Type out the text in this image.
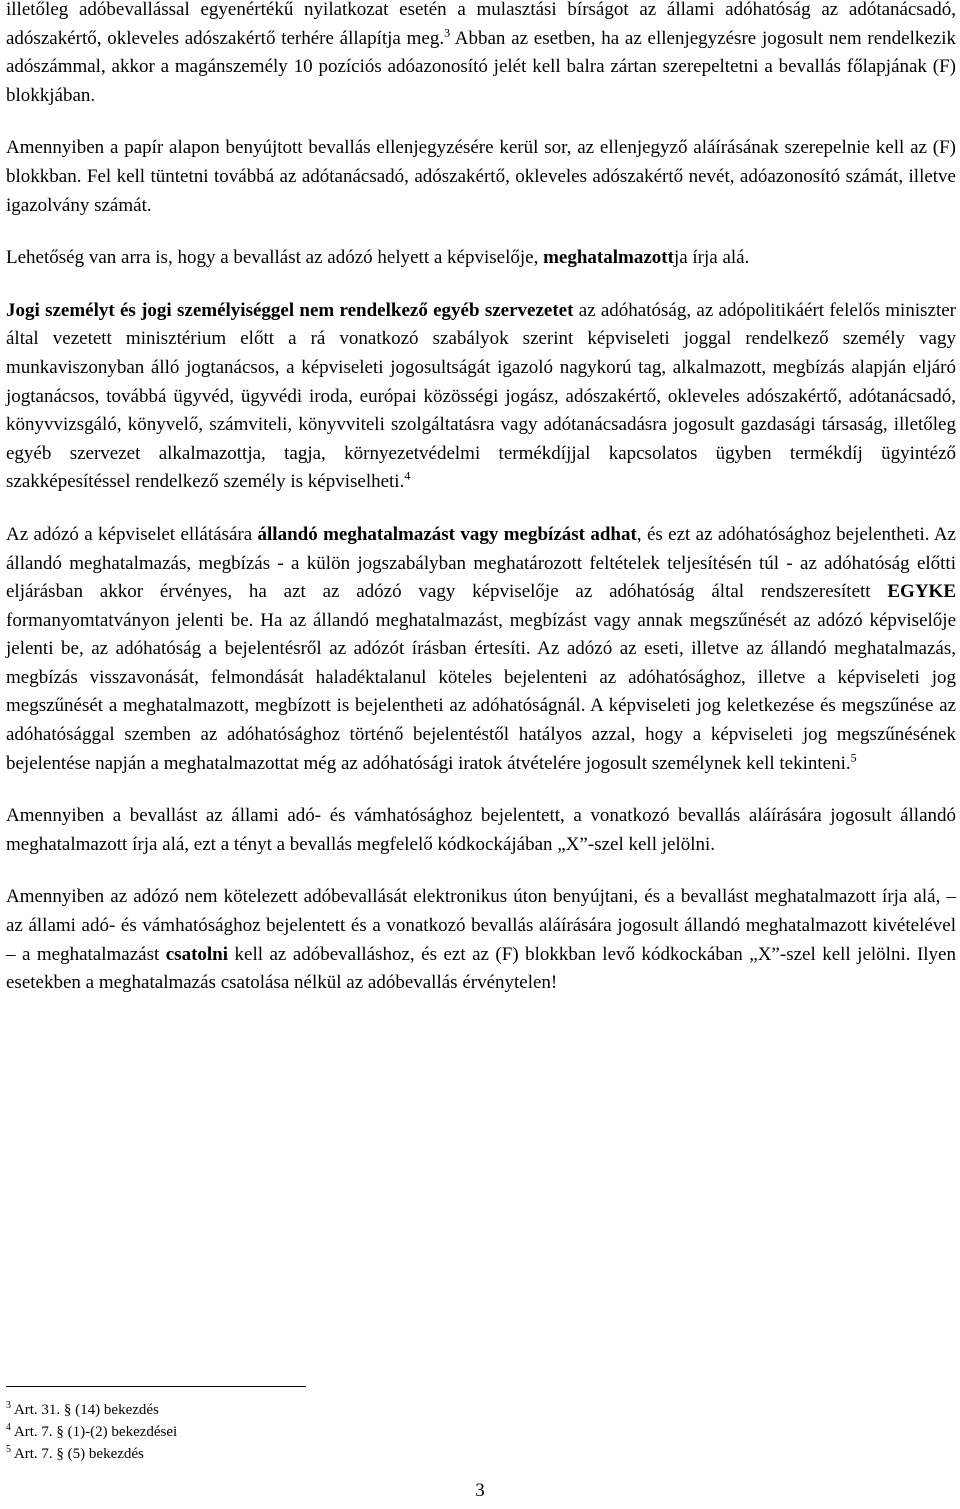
illetőleg adóbevallással egyenértékű nyilatkozat esetén a mulasztási bírságot az állami adóhatóság az adótanácsadó, adószakértő, okleveles adószakértő terhére állapítja meg.$^3$ Abban az esetben, ha az ellenjegyzésre jogosult nem rendelkezik adószámmal, akkor a magánszemély 10 pozíciós adóazonosító jelét kell balra zártan szerepeltetni a bevallás főlapjának (F) blokkjában.

Amennyiben a papír alapon benyújtott bevallás ellenjegyzésére kerül sor, az ellenjegyző aláírásának szerepelnie kell az (F) blokkban. Fel kell tüntetni továbbá az adótanácsadó, adószakértő, okleveles adószakértő nevét, adóazonosító számát, illetve igazolvány számát.

Lehetőség van arra is, hogy a bevallást az adózó helyett a képviselője, meghatalmazottja írja alá.

Jogi személyt és jogi személyiséggel nem rendelkező egyéb szervezetet az adóhatóság, az adópolitikáért felelős miniszter által vezetett minisztérium előtt a rá vonatkozó szabályok szerint képviseleti joggal rendelkező személy vagy munkaviszonyban álló jogtanácsos, a képviseleti jogosultságát igazoló nagykorú tag, alkalmazott, megbízás alapján eljáró jogtanácsos, továbbá ügyvéd, ügyvédi iroda, európai közösségi jogász, adószakértő, okleveles adószakértő, adótanácsadó, könyvvizsgáló, könyvelő, számviteli, könyvviteli szolgáltatásra vagy adótanácsadásra jogosult gazdasági társaság, illetőleg egyéb szervezet alkalmazottja, tagja, környezetvédelmi termékdíjjal kapcsolatos ügyben termékdíj ügyintéző szakképesítéssel rendelkező személy is képviselheti.$^4$

Az adózó a képviselet ellátására állandó meghatalmazást vagy megbízást adhat, és ezt az adóhatósághoz bejelentheti. Az állandó meghatalmazás, megbízás - a külön jogszabályban meghatározott feltételek teljesítésén túl - az adóhatóság előtti eljárásban akkor érvényes, ha azt az adózó vagy képviselője az adóhatóság által rendszeresített EGYKE formanyomtatványon jelenti be. Ha az állandó meghatalmazást, megbízást vagy annak megszűnését az adózó képviselője jelenti be, az adóhatóság a bejelentésről az adózót írásban értesíti. Az adózó az eseti, illetve az állandó meghatalmazás, megbízás visszavonását, felmondását haladéktalanul köteles bejelenteni az adóhatósághoz, illetve a képviseleti jog megszűnését a meghatalmazott, megbízott is bejelentheti az adóhatóságnál. A képviseleti jog keletkezése és megszűnése az adóhatósággal szemben az adóhatósághoz történő bejelentéstől hatályos azzal, hogy a képviseleti jog megszűnésének bejelentése napján a meghatalmazottat még az adóhatósági iratok átvételére jogosult személynek kell tekinteni.$^5$

Amennyiben a bevallást az állami adó- és vámhatósághoz bejelentett, a vonatkozó bevallás aláírására jogosult állandó meghatalmazott írja alá, ezt a tényt a bevallás megfelelő kódkockájában „X”-szel kell jelölni.

Amennyiben az adózó nem kötelezett adóbevallását elektronikus úton benyújtani, és a bevallást meghatalmazott írja alá, – az állami adó- és vámhatósághoz bejelentett és a vonatkozó bevallás aláírására jogosult állandó meghatalmazott kivételével – a meghatalmazást csatolni kell az adóbevalláshoz, és ezt az (F) blokkban levő kódkockában „X”-szel kell jelölni. Ilyen esetekben a meghatalmazás csatolása nélkül az adóbevallás érvénytelen!

$^3$ Art. 31. § (14) bekezdés

$^4$ Art. 7. § (1)-(2) bekezdései

$^5$ Art. 7. § (5) bekezdés

3
